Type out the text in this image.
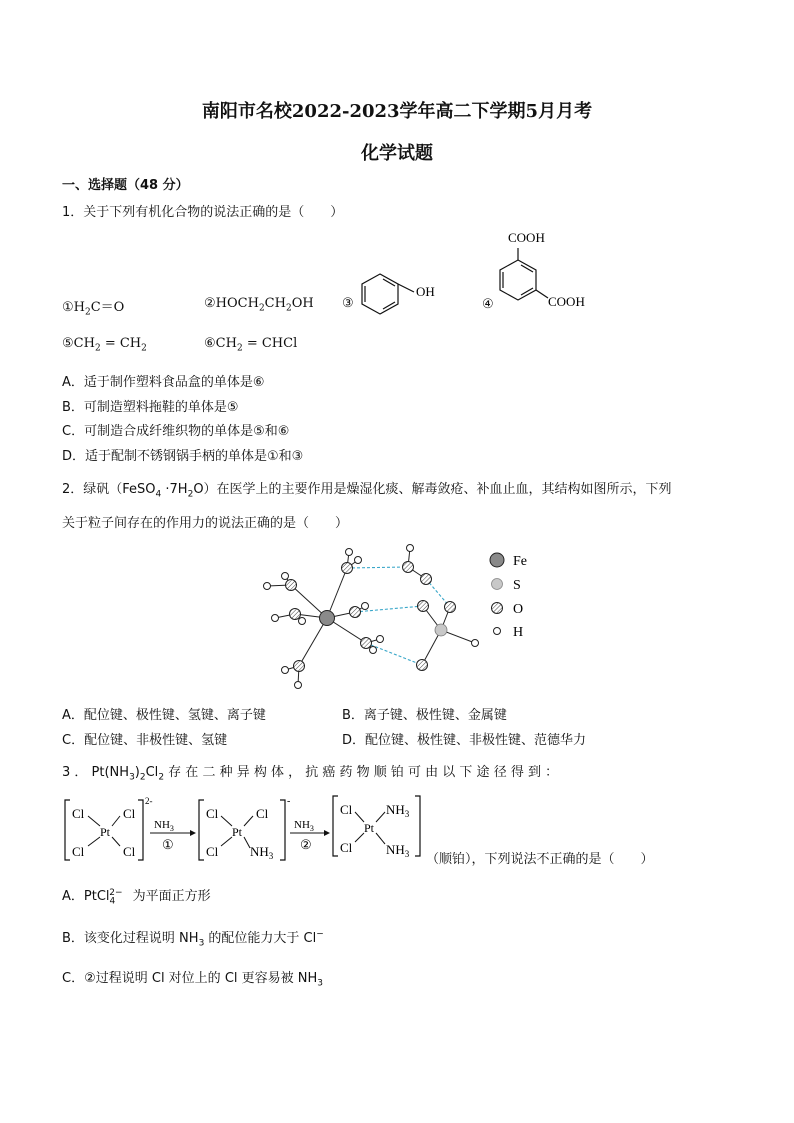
南阳市名校2022-2023学年高二下学期5月月考
化学试题
一、选择题（48 分）
1．关于下列有机化合物的说法正确的是（　　）
$①H_2C=O$	$②HOCH_2CH_2OH$ ③
OH
④
COOH
COOH
$⑤CH_2 = CH_2$	$⑥CH_2$ = CHCl
A．适于制作塑料食品盒的单体是⑥
B．可制造塑料拖鞋的单体是⑤
C．可制造合成纤维织物的单体是⑤和⑥
D．适于配制不锈钢锅手柄的单体是①和③
2．绿矾（FeSO$_4$ $\cdot 7H_2O$）在医学上的主要作用是燥湿化痰、解毒敛疮、补血止血，其结构如图所示，下列
关于粒子间存在的作用力的说法正确的是（　　）
Fe
S
O
H
A．配位键、极性键、氢键、离子键	B．离子键、极性键、金属键
C．配位键、非极性键、氢键	D．配位键、极性键、非极性键、范德华力
3 ． $Pt(NH_3)_2Cl_2$ 存 在 二 种 异 构 体 ， 抗 癌 药 物 顺 铂 可 由 以 下 途 径 得 到 ：
Cl	Cl
Pt
Cl	Cl
2-
$NH_3$
①
Cl	Cl
Pt
Cl $NH_3$
-
$NH_3$
②
Cl	$NH_3$
Pt
Cl	$NH_3$ （顺铂），下列说法不正确的是（　　）
A．PtCl$_4^{2-}$ 为平面正方形
B．该变化过程说明 $NH_3$ 的配位能力大于 Cl−
C．②过程说明 Cl 对位上的 Cl 更容易被 $NH_3$
